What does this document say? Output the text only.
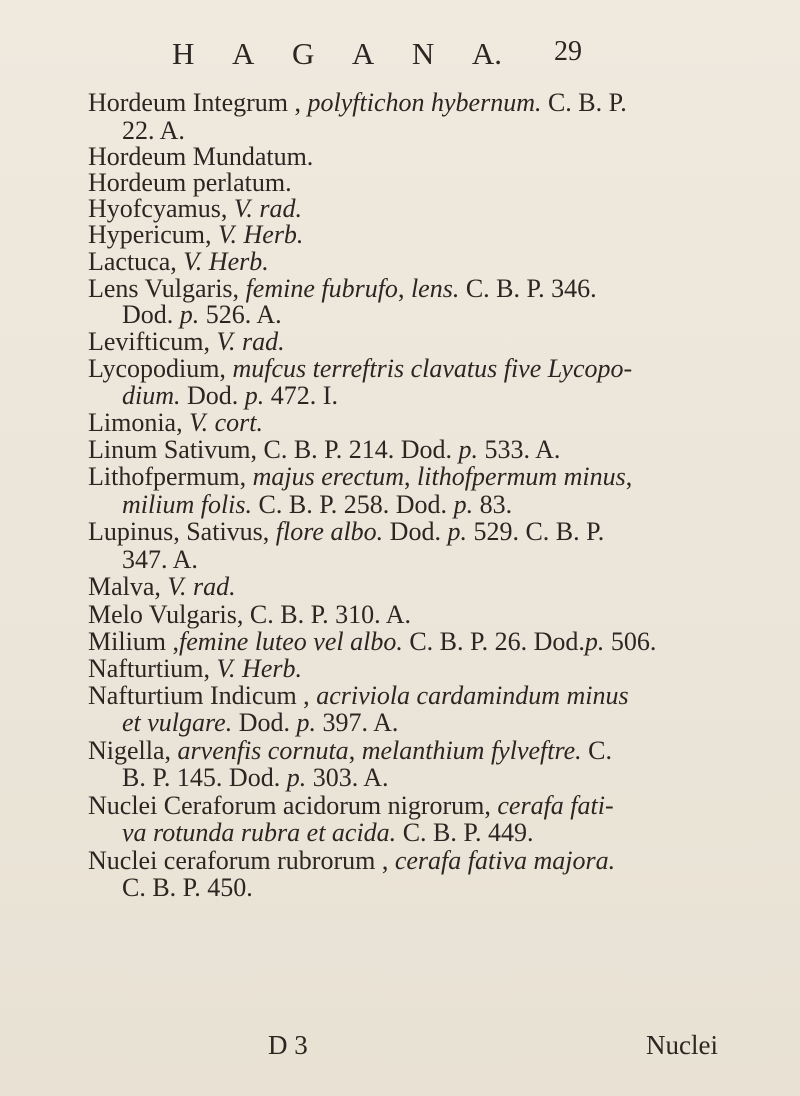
H A G A N A. 29
Hordeum Integrum , polyftichon hybernum. C. B. P.
22. A.
Hordeum Mundatum.
Hordeum perlatum.
Hyofcyamus, V. rad.
Hypericum, V. Herb.
Lactuca, V. Herb.
Lens Vulgaris, femine fubrufo, lens. C. B. P. 346.
Dod. p. 526. A.
Levifticum, V. rad.
Lycopodium, mufcus terreftris clavatus five Lycopo-
dium. Dod. p. 472. I.
Limonia, V. cort.
Linum Sativum, C. B. P. 214. Dod. p. 533. A.
Lithofpermum, majus erectum, lithofpermum minus,
milium folis. C. B. P. 258. Dod. p. 83.
Lupinus, Sativus, flore albo. Dod. p. 529. C. B. P.
347. A.
Malva, V. rad.
Melo Vulgaris, C. B. P. 310. A.
Milium ,femine luteo vel albo. C. B. P. 26. Dod.p. 506.
Nafturtium, V. Herb.
Nafturtium Indicum , acriviola cardamindum minus
et vulgare. Dod. p. 397. A.
Nigella, arvenfis cornuta, melanthium fylveftre. C.
B. P. 145. Dod. p. 303. A.
Nuclei Ceraforum acidorum nigrorum, cerafa fati-
va rotunda rubra et acida. C. B. P. 449.
Nuclei ceraforum rubrorum , cerafa fativa majora.
C. B. P. 450.
D 3	Nuclei
